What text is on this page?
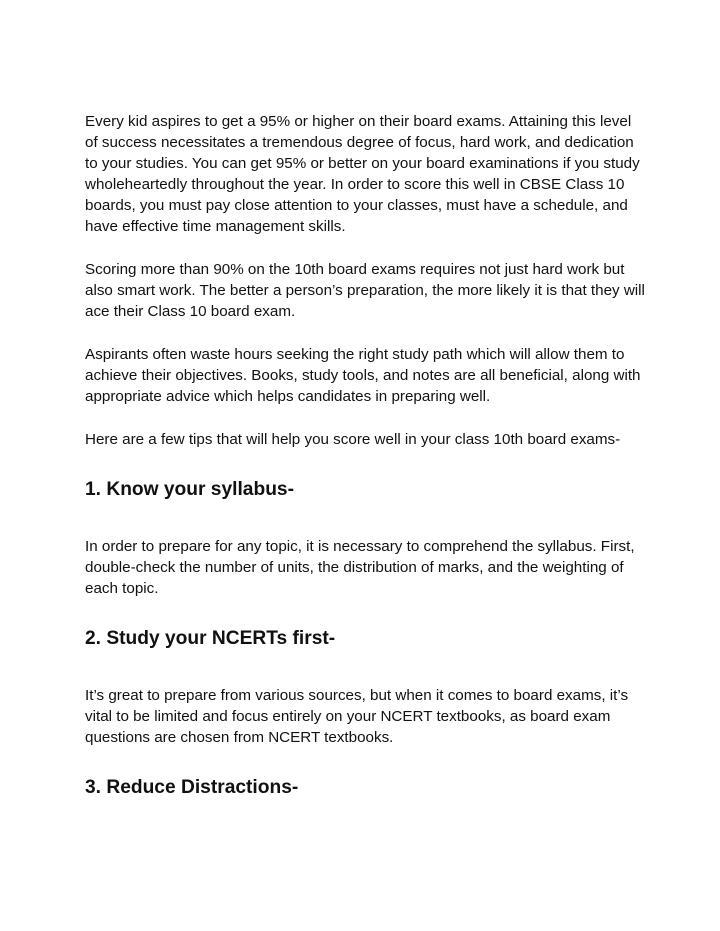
Every kid aspires to get a 95% or higher on their board exams. Attaining this level of success necessitates a tremendous degree of focus, hard work, and dedication to your studies. You can get 95% or better on your board examinations if you study wholeheartedly throughout the year. In order to score this well in CBSE Class 10 boards, you must pay close attention to your classes, must have a schedule, and have effective time management skills.

Scoring more than 90% on the 10th board exams requires not just hard work but also smart work. The better a person’s preparation, the more likely it is that they will ace their Class 10 board exam.

Aspirants often waste hours seeking the right study path which will allow them to achieve their objectives. Books, study tools, and notes are all beneficial, along with appropriate advice which helps candidates in preparing well.

Here are a few tips that will help you score well in your class 10th board exams-

1. Know your syllabus-

In order to prepare for any topic, it is necessary to comprehend the syllabus. First, double-check the number of units, the distribution of marks, and the weighting of each topic.

2. Study your NCERTs first-

It’s great to prepare from various sources, but when it comes to board exams, it’s vital to be limited and focus entirely on your NCERT textbooks, as board exam questions are chosen from NCERT textbooks.

3. Reduce Distractions-
